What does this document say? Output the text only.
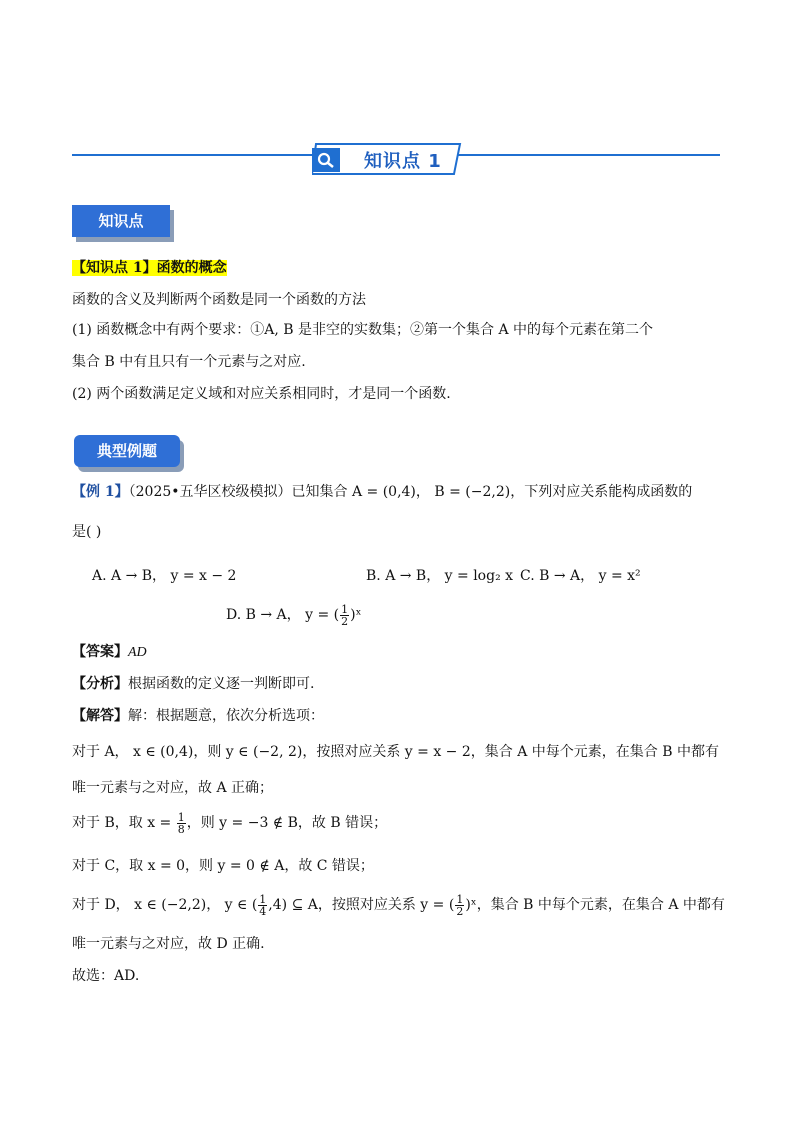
知识点 1
知识点
【知识点 1】函数的概念
函数的含义及判断两个函数是同一个函数的方法
(1) 函数概念中有两个要求：①A, B 是非空的实数集；②第一个集合 A 中的每个元素在第二个
集合 B 中有且只有一个元素与之对应.
(2) 两个函数满足定义域和对应关系相同时，才是同一个函数.
典型例题
【例 1】（2025•五华区校级模拟）已知集合 A = (0,4)， B = (−2,2)，下列对应关系能构成函数的
是( )
A. A → B， y = x − 2	B. A → B， y = log₂ x C. B → A， y = x²
D. B → A， y = ( $\frac{1}{2}$ )ˣ
【答案】AD
【分析】根据函数的定义逐一判断即可.
【解答】解：根据题意，依次分析选项：
对于 A， x ∈ (0,4)，则 y ∈ (−2, 2)，按照对应关系 y = x − 2，集合 A 中每个元素，在集合 B 中都有
唯一元素与之对应，故 A 正确；
对于 B，取 $x = \frac{1}{8}$ ，则 y = −3 ∉ B，故 B 错误；
对于 C，取 x = 0，则 y = 0 ∉ A，故 C 错误；
对于 D， x ∈ (−2,2)， y ∈ ( $\frac{1}{4} ,4$) ⊆ A，按照对应关系 y = ( $\frac{1}{2}$ )ˣ，集合 B 中每个元素，在集合 A 中都有
唯一元素与之对应，故 D 正确.
故选：AD.
